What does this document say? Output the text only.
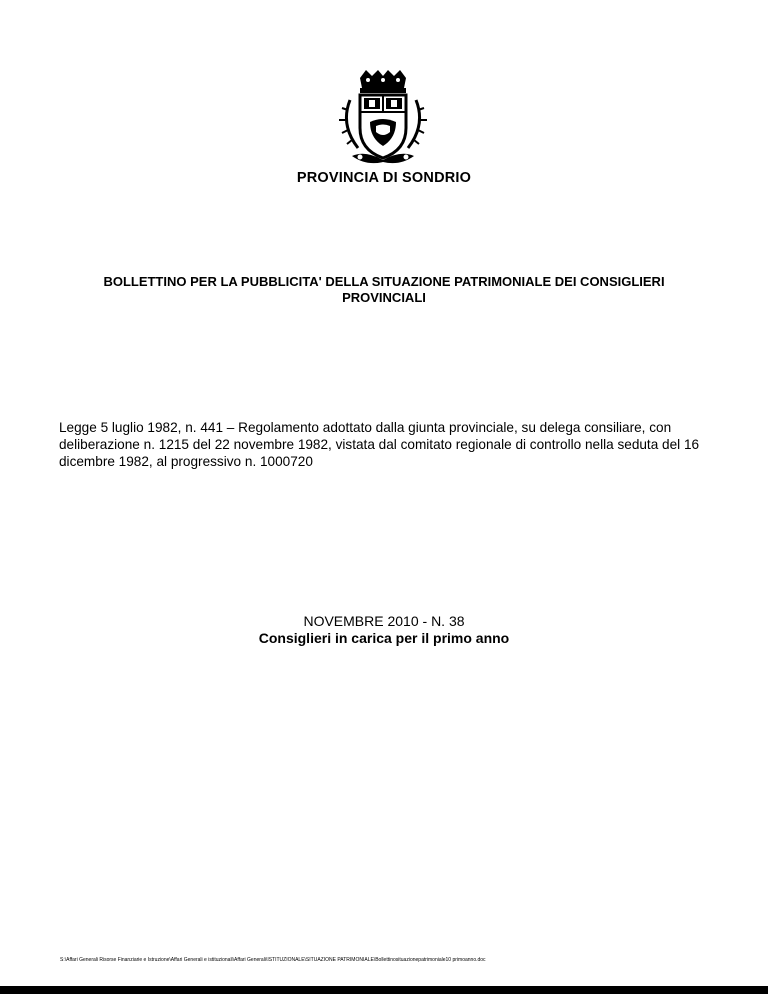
PROVINCIA DI SONDRIO
BOLLETTINO PER LA PUBBLICITA' DELLA SITUAZIONE PATRIMONIALE DEI CONSIGLIERI
PROVINCIALI
Legge 5 luglio 1982, n. 441 – Regolamento adottato dalla giunta provinciale, su delega consiliare, con deliberazione n. 1215 del 22 novembre 1982, vistata dal comitato regionale di controllo nella seduta del 16 dicembre 1982, al progressivo n. 1000720
NOVEMBRE 2010 - N. 38
Consiglieri in carica per il primo anno
S:\Affari Generali Risorse Finanziarie e Istruzione\Affari Generali e istituzionali\Affari Generali\ISTITUZIONALE\SITUAZIONE PATRIMONIALE\Bollettinosituazionepatrimoniale10 primoanno.doc
